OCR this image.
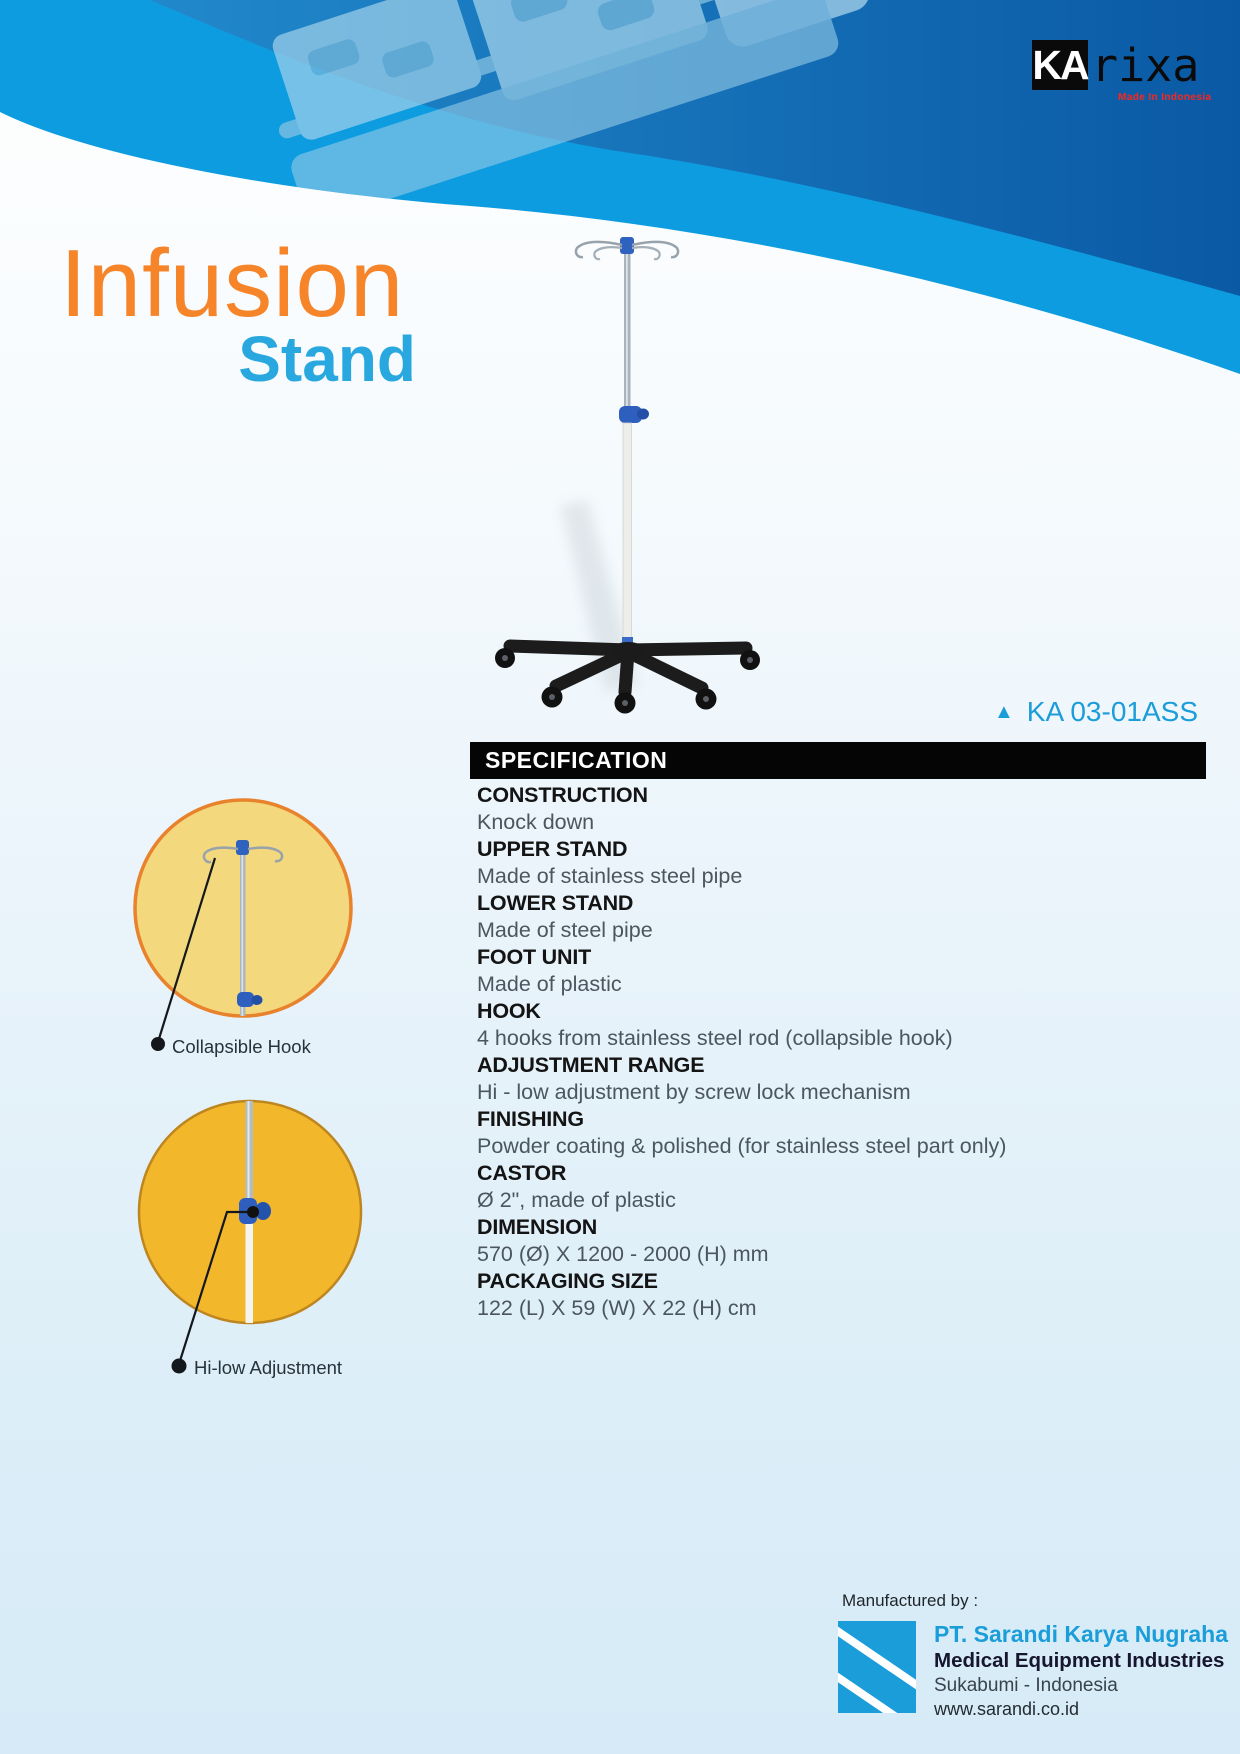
KA rixa
Made In Indonesia
Infusion
Stand
▲ KA 03-01ASS
SPECIFICATION
CONSTRUCTION
Knock down
UPPER STAND
Made of stainless steel pipe
LOWER STAND
Made of steel pipe
FOOT UNIT
Made of plastic
HOOK
4 hooks from stainless steel rod (collapsible hook)
ADJUSTMENT RANGE
Hi - low adjustment by screw lock mechanism
FINISHING
Powder coating & polished (for stainless steel part only)
CASTOR
Ø 2", made of plastic
DIMENSION
570 (Ø) X 1200 - 2000 (H) mm
PACKAGING SIZE
122 (L) X 59 (W) X 22 (H) cm
Collapsible Hook
Hi-low Adjustment
Manufactured by :
PT. Sarandi Karya Nugraha
Medical Equipment Industries
Sukabumi - Indonesia
www.sarandi.co.id
